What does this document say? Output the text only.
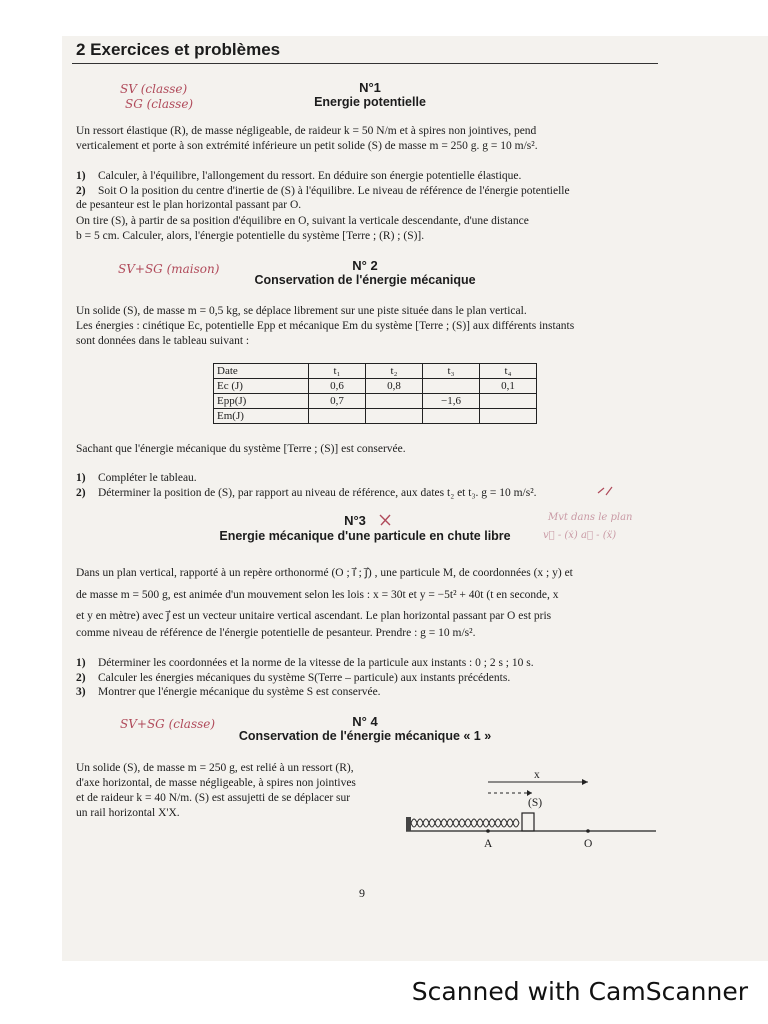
2 Exercices et problèmes
SV (classe)
SG (classe)
N°1
Energie potentielle
Un ressort élastique (R), de masse négligeable, de raideur k = 50 N/m et à spires non jointives, pend
verticalement et porte à son extrémité inférieure un petit solide (S) de masse m = 250 g. g = 10 m/s².
1) Calculer, à l'équilibre, l'allongement du ressort. En déduire son énergie potentielle élastique.
2) Soit O la position du centre d'inertie de (S) à l'équilibre. Le niveau de référence de l'énergie potentielle
de pesanteur est le plan horizontal passant par O.
On tire (S), à partir de sa position d'équilibre en O, suivant la verticale descendante, d'une distance
b = 5 cm. Calculer, alors, l'énergie potentielle du système [Terre ; (R) ; (S)].
SV+SG (maison)	N° 2
Conservation de l'énergie mécanique
Un solide (S), de masse m = 0,5 kg, se déplace librement sur une piste située dans le plan vertical.
Les énergies : cinétique Ec, potentielle Epp et mécanique Em du système [Terre ; (S)] aux différents instants
sont données dans le tableau suivant :
Date	t₁	t₂	t₃	t₄
Ec (J)	0,6	0,8		0,1
Epp(J)	0,7		−1,6	
Em(J)				
Sachant que l'énergie mécanique du système [Terre ; (S)] est conservée.
1) Compléter le tableau.
2) Déterminer la position de (S), par rapport au niveau de référence, aux dates t₂ et t₃. g = 10 m/s².
N°3	Mvt dans le plan
v⃗ - (ẋ) a⃗ - (ẍ)
Energie mécanique d'une particule en chute libre
Dans un plan vertical, rapporté à un repère orthonormé (O ; i⃗ ; j⃗) , une particule M, de coordonnées (x ; y) et
de masse m = 500 g, est animée d'un mouvement selon les lois : x = 30t et y = −5t² + 40t (t en seconde, x
et y en mètre) avec j⃗ est un vecteur unitaire vertical ascendant. Le plan horizontal passant par O est pris
comme niveau de référence de l'énergie potentielle de pesanteur. Prendre : g = 10 m/s².
1) Déterminer les coordonnées et la norme de la vitesse de la particule aux instants : 0 ; 2 s ; 10 s.
2) Calculer les énergies mécaniques du système S(Terre – particule) aux instants précédents.
3) Montrer que l'énergie mécanique du système S est conservée.
SV+SG (classe)	N° 4
Conservation de l'énergie mécanique « 1 »
Un solide (S), de masse m = 250 g, est relié à un ressort (R),
d'axe horizontal, de masse négligeable, à spires non jointives
et de raideur k = 40 N/m. (S) est assujetti de se déplacer sur
un rail horizontal X'X.
x
(S)
A	O
9
Scanned with CamScanner
